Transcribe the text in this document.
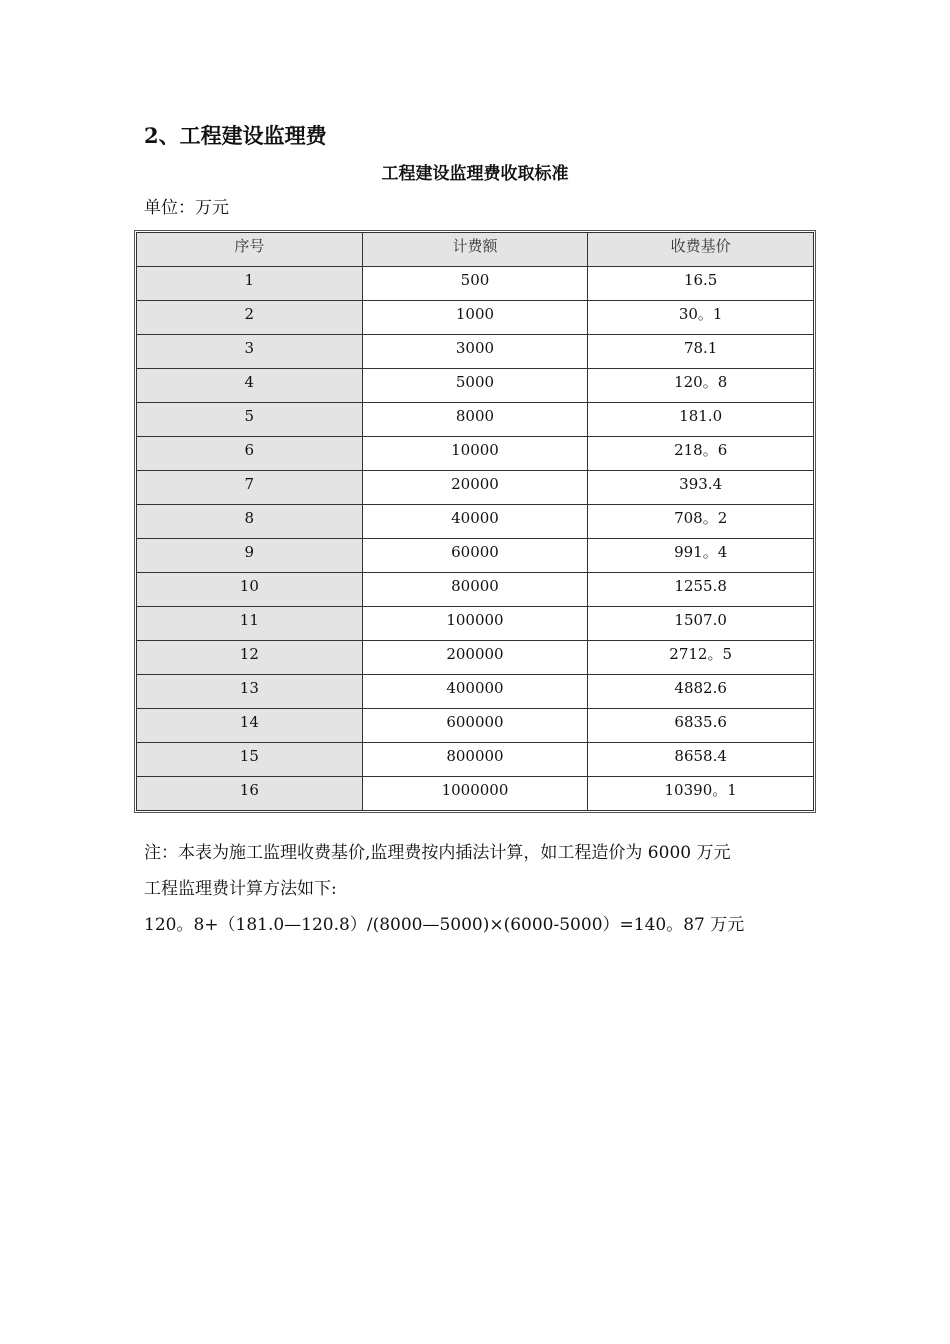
2、工程建设监理费
工程建设监理费收取标准
单位：万元
序号	计费额	收费基价
1	500	16.5
2	1000	30。1
3	3000	78.1
4	5000	120。8
5	8000	181.0
6	10000	218。6
7	20000	393.4
8	40000	708。2
9	60000	991。4
10	80000	1255.8
11	100000	1507.0
12	200000	2712。5
13	400000	4882.6
14	600000	6835.6
15	800000	8658.4
16	1000000	10390。1
注：本表为施工监理收费基价,监理费按内插法计算，如工程造价为 6000 万元
工程监理费计算方法如下:
120。8+（181.0—120.8）/(8000—5000)×(6000-5000）=140。87 万元
